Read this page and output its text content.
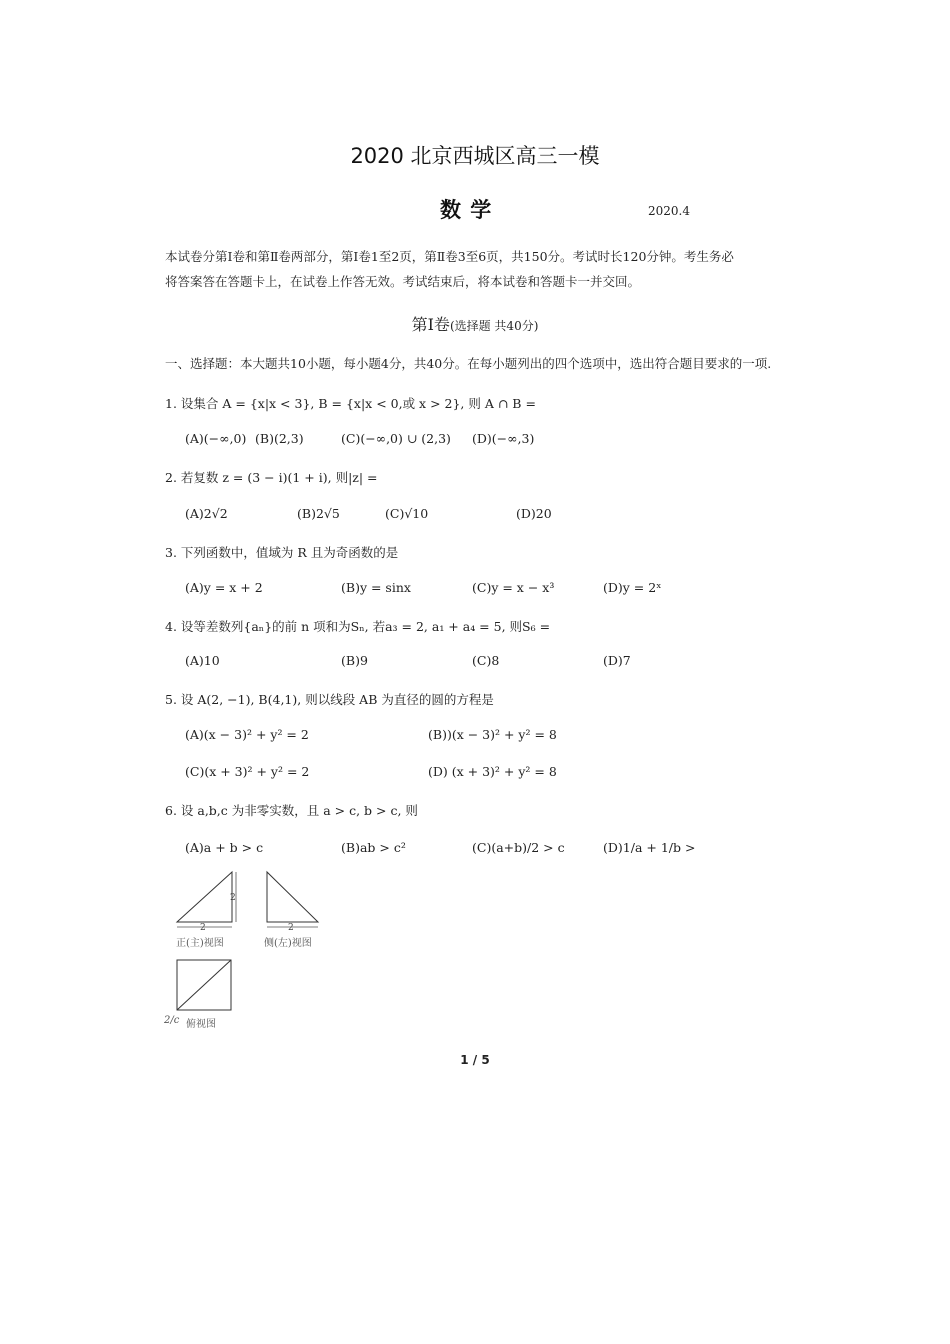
2020 北京西城区高三一模
数 学	2020.4
本试卷分第Ⅰ卷和第Ⅱ卷两部分，第Ⅰ卷1至2页，第Ⅱ卷3至6页，共150分。考试时长120分钟。考生务必
将答案答在答题卡上，在试卷上作答无效。考试结束后，将本试卷和答题卡一并交回。
第Ⅰ卷(选择题 共40分)
一、选择题：本大题共10小题，每小题4分，共40分。在每小题列出的四个选项中，选出符合题目要求的一项.
1. 设集合 A = {x|x < 3}, B = {x|x < 0,或 x > 2}, 则 A ∩ B =
(A)(−∞,0) (B)(2,3)	(C)(−∞,0) ∪ (2,3) (D)(−∞,3)
2. 若复数 z = (3 − i)(1 + i), 则|z| =
(A)2√2	(B)2√5	(C)√10	(D)20
3. 下列函数中，值域为 R 且为奇函数的是
(A)y = x + 2	(B)y = sinx	(C)y = x − x³	(D)y = 2ˣ
4. 设等差数列{aₙ}的前 n 项和为Sₙ, 若a₃ = 2, a₁ + a₄ = 5, 则S₆ =
(A)10	(B)9	(C)8	(D)7
5. 设 A(2, −1), B(4,1), 则以线段 AB 为直径的圆的方程是
(A)(x − 3)² + y² = 2	(B))(x − 3)² + y² = 8
(C)(x + 3)² + y² = 2	(D) (x + 3)² + y² = 8
6. 设 a,b,c 为非零实数，且 a > c, b > c, 则
(A)a + b > c	(B)ab > c²	(C)(a+b)/2 > c	(D)1/a + 1/b >
2
2
正(主)视图
2
侧(左)视图
俯视图
2/c
1 / 5
